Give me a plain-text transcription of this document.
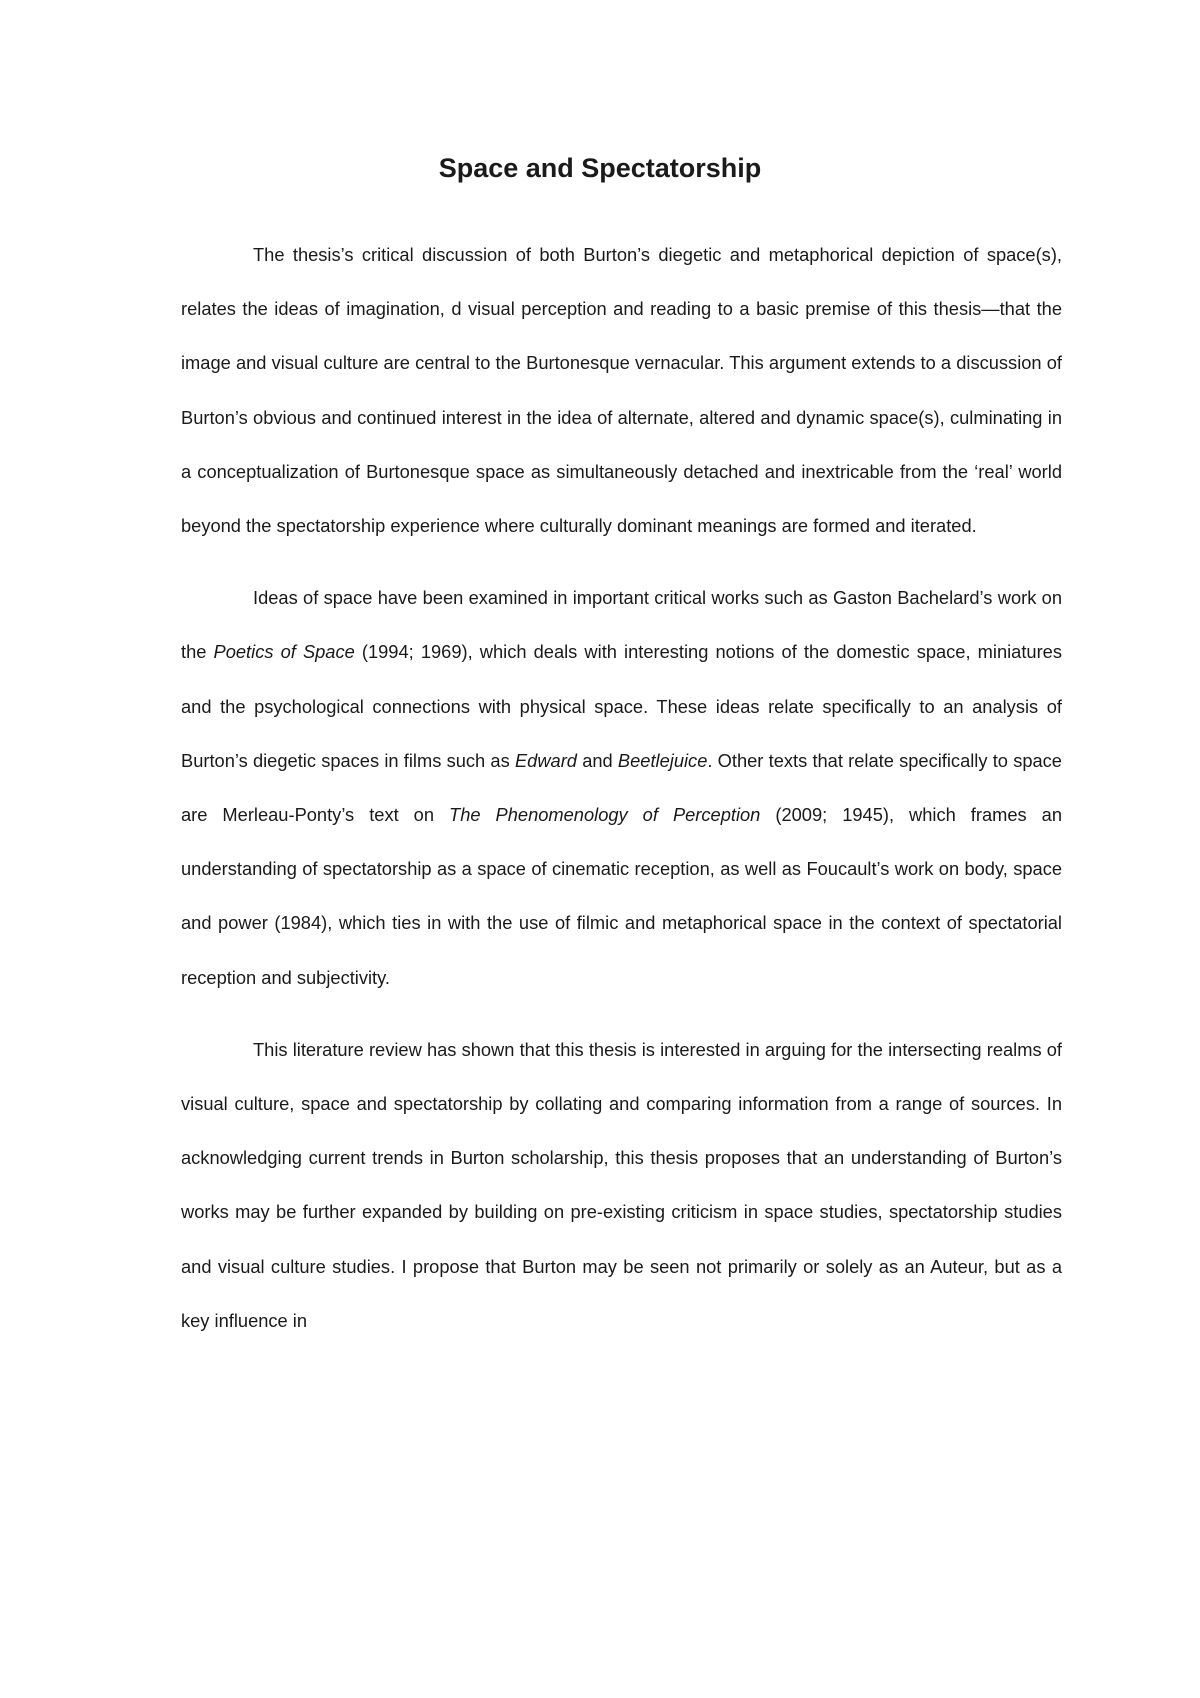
Space and Spectatorship

The thesis’s critical discussion of both Burton’s diegetic and metaphorical depiction of space(s), relates the ideas of imagination, d visual perception and reading to a basic premise of this thesis—that the image and visual culture are central to the Burtonesque vernacular. This argument extends to a discussion of Burton’s obvious and continued interest in the idea of alternate, altered and dynamic space(s), culminating in a conceptualization of Burtonesque space as simultaneously detached and inextricable from the ‘real’ world beyond the spectatorship experience where culturally dominant meanings are formed and iterated.

Ideas of space have been examined in important critical works such as Gaston Bachelard’s work on the Poetics of Space (1994; 1969), which deals with interesting notions of the domestic space, miniatures and the psychological connections with physical space. These ideas relate specifically to an analysis of Burton’s diegetic spaces in films such as Edward and Beetlejuice. Other texts that relate specifically to space are Merleau-Ponty’s text on The Phenomenology of Perception (2009; 1945), which frames an understanding of spectatorship as a space of cinematic reception, as well as Foucault’s work on body, space and power (1984), which ties in with the use of filmic and metaphorical space in the context of spectatorial reception and subjectivity.

This literature review has shown that this thesis is interested in arguing for the intersecting realms of visual culture, space and spectatorship by collating and comparing information from a range of sources. In acknowledging current trends in Burton scholarship, this thesis proposes that an understanding of Burton’s works may be further expanded by building on pre-existing criticism in space studies, spectatorship studies and visual culture studies. I propose that Burton may be seen not primarily or solely as an Auteur, but as a key influence in
